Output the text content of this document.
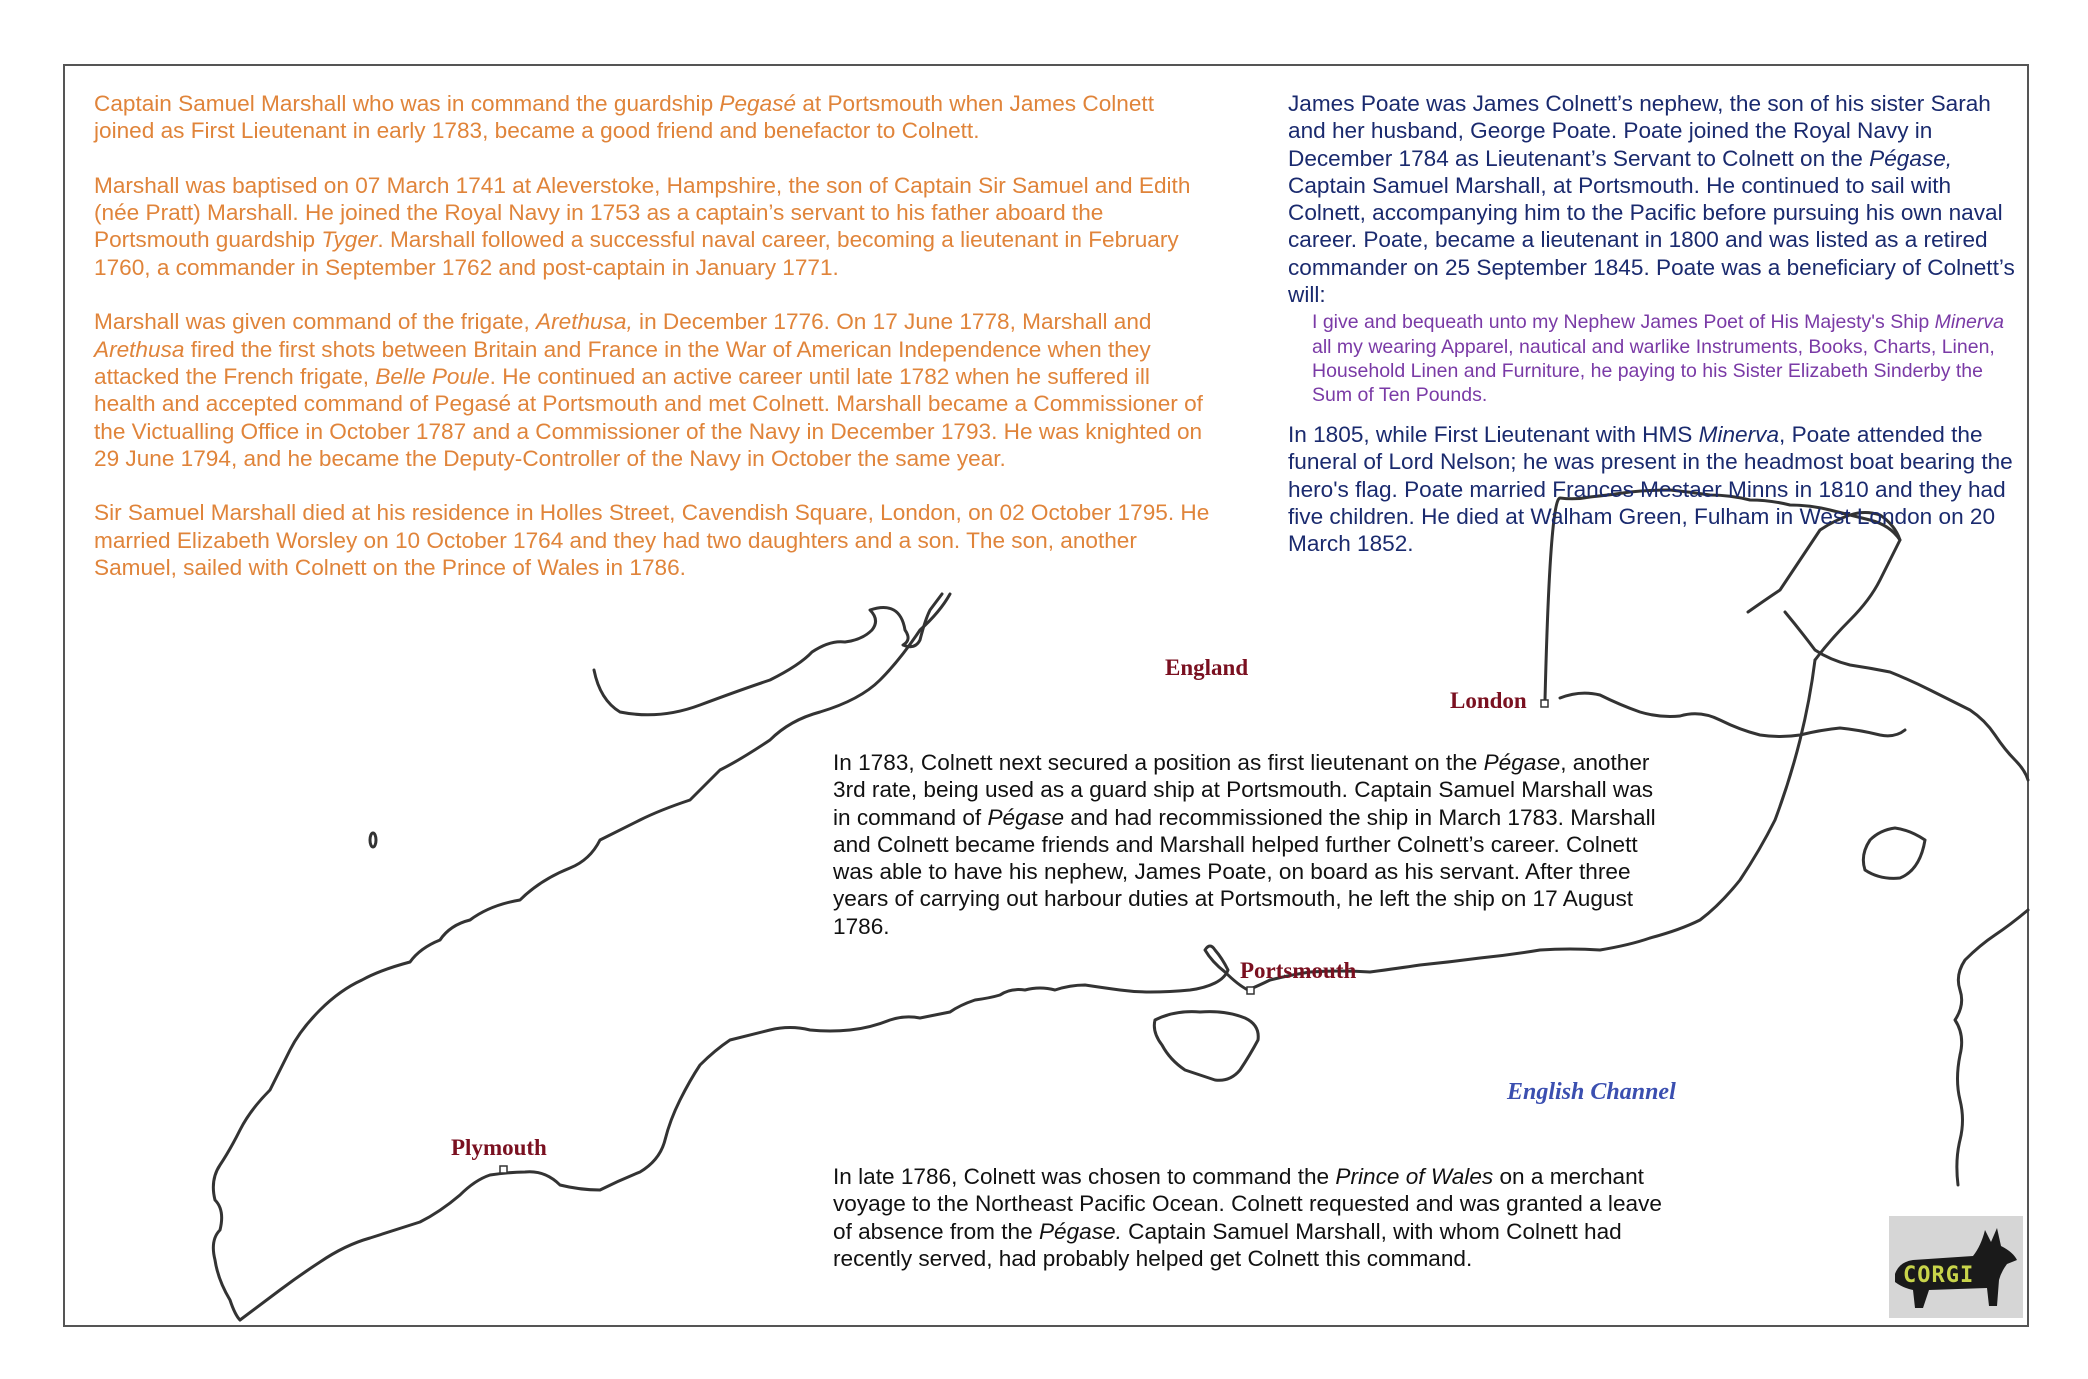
Captain Samuel Marshall who was in command the guardship Pegasé at Portsmouth when James Colnett joined as First Lieutenant in early 1783, became a good friend and benefactor to Colnett.

Marshall was baptised on 07 March 1741 at Aleverstoke, Hampshire, the son of Captain Sir Samuel and Edith (née Pratt) Marshall. He joined the Royal Navy in 1753 as a captain’s servant to his father aboard the Portsmouth guardship Tyger. Marshall followed a successful naval career, becoming a lieutenant in February 1760, a commander in September 1762 and post-captain in January 1771.

Marshall was given command of the frigate, Arethusa, in December 1776. On 17 June 1778, Marshall and Arethusa fired the first shots between Britain and France in the War of American Independence when they attacked the French frigate, Belle Poule. He continued an active career until late 1782 when he suffered ill health and accepted command of Pegasé at Portsmouth and met Colnett. Marshall became a Commissioner of the Victualling Office in October 1787 and a Commissioner of the Navy in December 1793. He was knighted on 29 June 1794, and he became the Deputy-Controller of the Navy in October the same year.

Sir Samuel Marshall died at his residence in Holles Street, Cavendish Square, London, on 02 October 1795. He married Elizabeth Worsley on 10 October 1764 and they had two daughters and a son. The son, another Samuel, sailed with Colnett on the Prince of Wales in 1786.

James Poate was James Colnett’s nephew, the son of his sister Sarah and her husband, George Poate. Poate joined the Royal Navy in December 1784 as Lieutenant’s Servant to Colnett on the Pégase, Captain Samuel Marshall, at Portsmouth. He continued to sail with Colnett, accompanying him to the Pacific before pursuing his own naval career. Poate, became a lieutenant in 1800 and was listed as a retired commander on 25 September 1845. Poate was a beneficiary of Colnett’s will:
I give and bequeath unto my Nephew James Poet of His Majesty's Ship Minerva all my wearing Apparel, nautical and warlike Instruments, Books, Charts, Linen, Household Linen and Furniture, he paying to his Sister Elizabeth Sinderby the Sum of Ten Pounds.
In 1805, while First Lieutenant with HMS Minerva, Poate attended the funeral of Lord Nelson; he was present in the headmost boat bearing the hero's flag. Poate married Frances Mestaer Minns in 1810 and they had five children. He died at Walham Green, Fulham in West London on 20 March 1852.
In 1783, Colnett next secured a position as first lieutenant on the Pégase, another 3rd rate, being used as a guard ship at Portsmouth. Captain Samuel Marshall was in command of Pégase and had recommissioned the ship in March 1783. Marshall and Colnett became friends and Marshall helped further Colnett’s career. Colnett was able to have his nephew, James Poate, on board as his servant. After three years of carrying out harbour duties at Portsmouth, he left the ship on 17 August 1786.
In late 1786, Colnett was chosen to command the Prince of Wales on a merchant voyage to the Northeast Pacific Ocean. Colnett requested and was granted a leave of absence from the Pégase. Captain Samuel Marshall, with whom Colnett had recently served, had probably helped get Colnett this command.
England
London
Portsmouth
Plymouth
English Channel
CORGI
